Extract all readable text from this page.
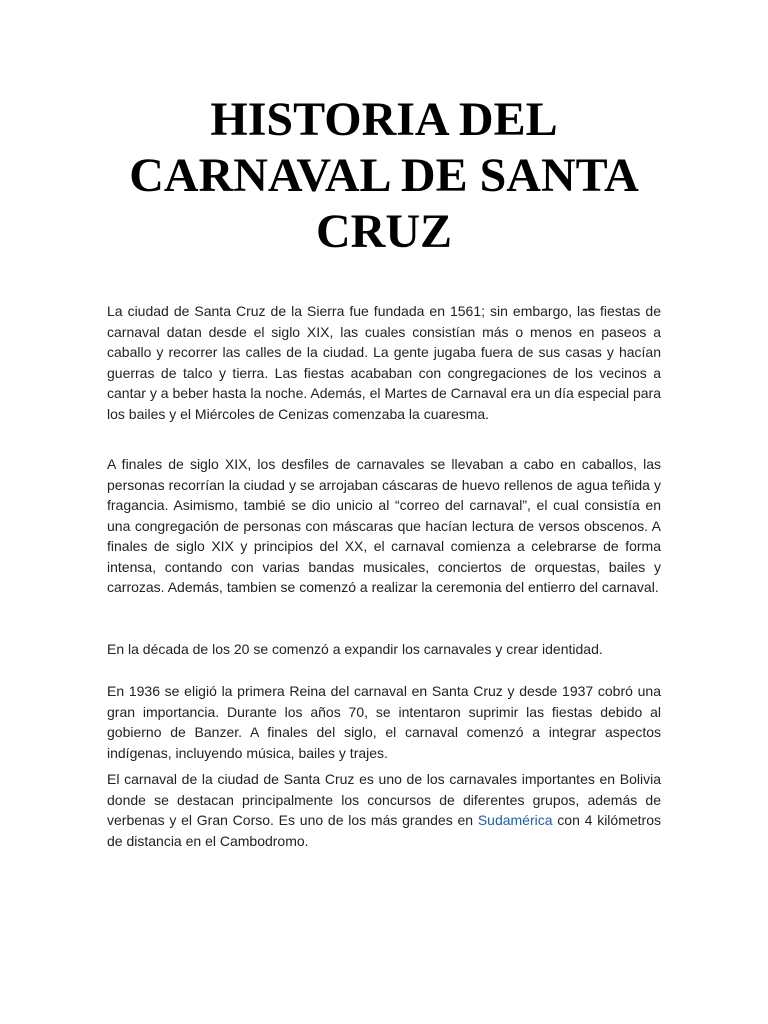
HISTORIA DEL CARNAVAL DE SANTA CRUZ

La ciudad de Santa Cruz de la Sierra fue fundada en 1561; sin embargo, las fiestas de carnaval datan desde el siglo XIX, las cuales consistían más o menos en paseos a caballo y recorrer las calles de la ciudad. La gente jugaba fuera de sus casas y hacían guerras de talco y tierra. Las fiestas acababan con congregaciones de los vecinos a cantar y a beber hasta la noche. Además, el Martes de Carnaval era un día especial para los bailes y el Miércoles de Cenizas comenzaba la cuaresma.

A finales de siglo XIX, los desfiles de carnavales se llevaban a cabo en caballos, las personas recorrían la ciudad y se arrojaban cáscaras de huevo rellenos de agua teñida y fragancia. Asimismo, tambié se dio unicio al “correo del carnaval”, el cual consistía en una congregación de personas con máscaras que hacían lectura de versos obscenos. A finales de siglo XIX y principios del XX, el carnaval comienza a celebrarse de forma intensa, contando con varias bandas musicales, conciertos de orquestas, bailes y carrozas. Además, tambien se comenzó a realizar la ceremonia del entierro del carnaval.

En la década de los 20 se comenzó a expandir los carnavales y crear identidad.

En 1936 se eligió la primera Reina del carnaval en Santa Cruz y desde 1937 cobró una gran importancia. Durante los años 70, se intentaron suprimir las fiestas debido al gobierno de Banzer. A finales del siglo, el carnaval comenzó a integrar aspectos indígenas, incluyendo música, bailes y trajes.

El carnaval de la ciudad de Santa Cruz es uno de los carnavales importantes en Bolivia donde se destacan principalmente los concursos de diferentes grupos, además de verbenas y el Gran Corso. Es uno de los más grandes en Sudamérica con 4 kilómetros de distancia en el Cambodromo.
